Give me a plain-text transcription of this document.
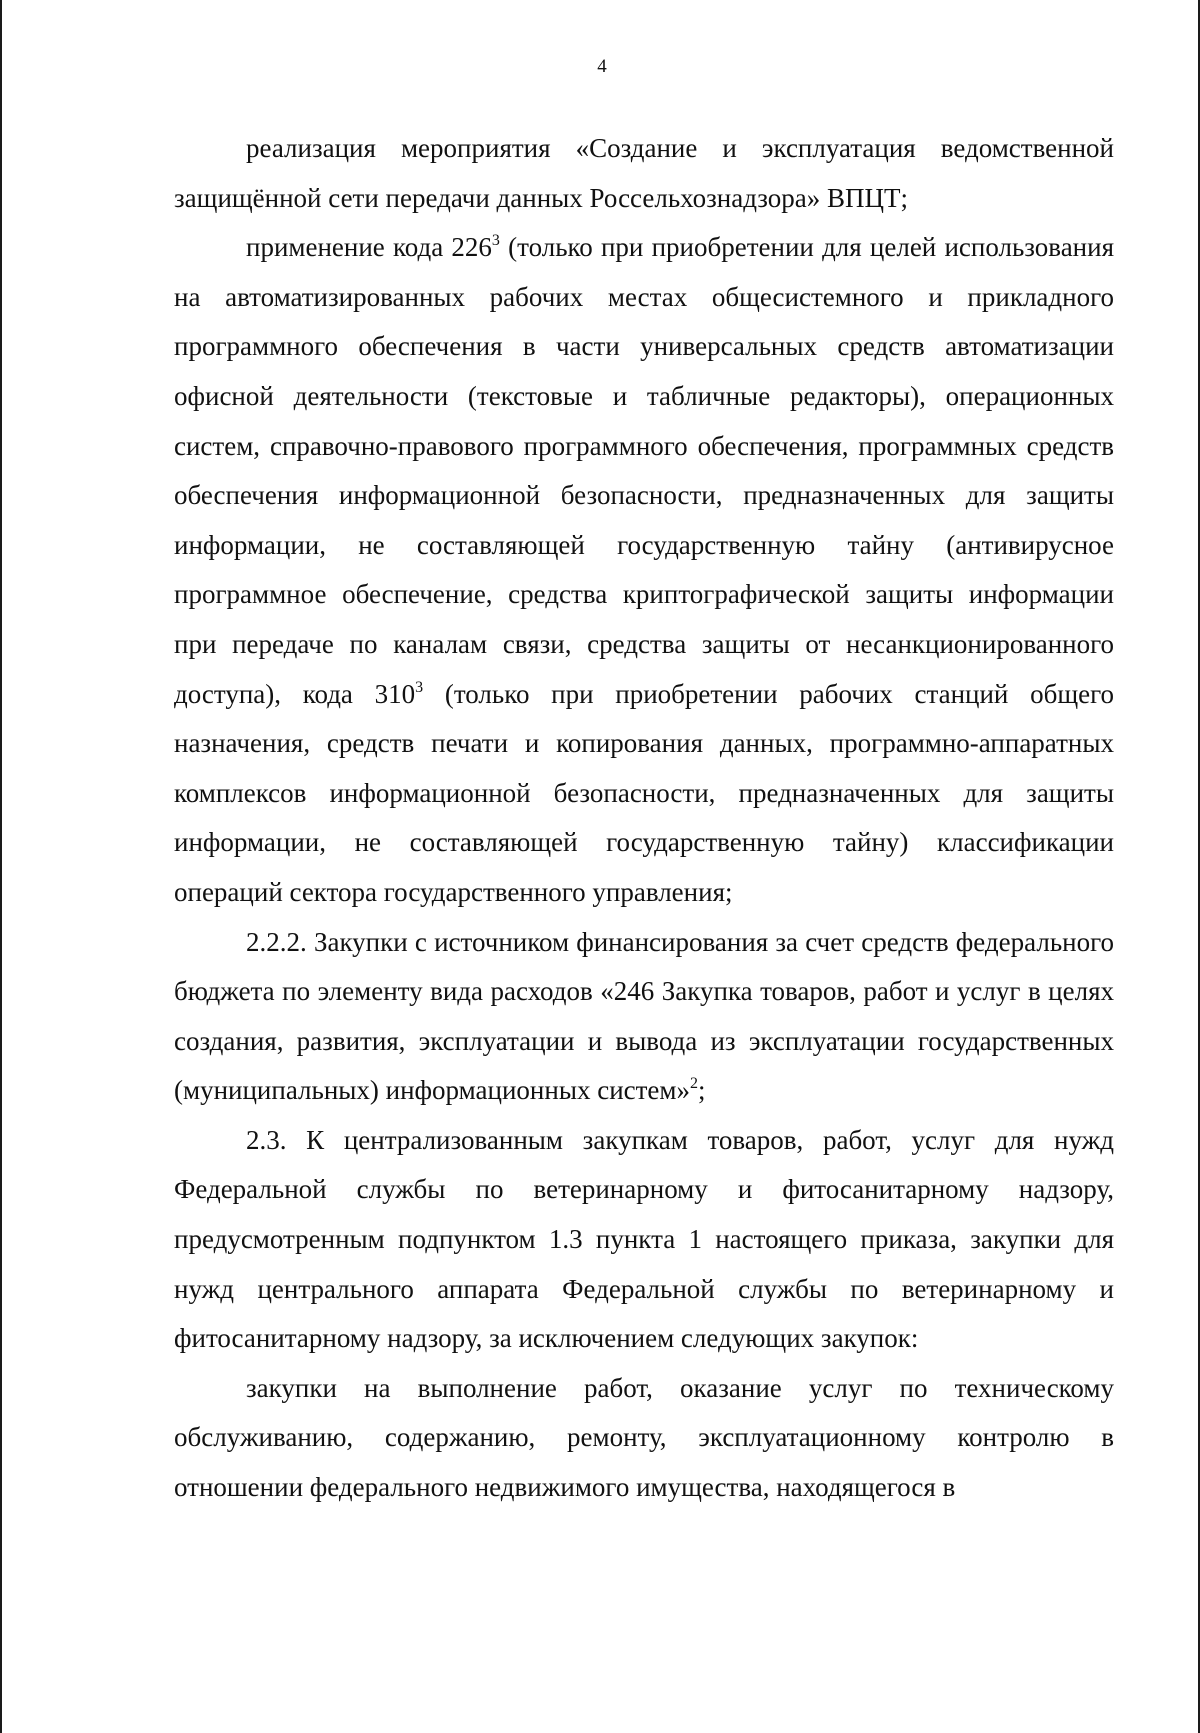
4

реализация мероприятия «Создание и эксплуатация ведомственной защищённой сети передачи данных Россельхознадзора» ВПЦТ;

применение кода $226^3$ (только при приобретении для целей использования на автоматизированных рабочих местах общесистемного и прикладного программного обеспечения в части универсальных средств автоматизации офисной деятельности (текстовые и табличные редакторы), операционных систем, справочно-правового программного обеспечения, программных средств обеспечения информационной безопасности, предназначенных для защиты информации, не составляющей государственную тайну (антивирусное программное обеспечение, средства криптографической защиты информации при передаче по каналам связи, средства защиты от несанкционированного доступа), кода $310^3$ (только при приобретении рабочих станций общего назначения, средств печати и копирования данных, программно-аппаратных комплексов информационной безопасности, предназначенных для защиты информации, не составляющей государственную тайну) классификации операций сектора государственного управления;

2.2.2. Закупки с источником финансирования за счет средств федерального бюджета по элементу вида расходов «246 Закупка товаров, работ и услуг в целях создания, развития, эксплуатации и вывода из эксплуатации государственных (муниципальных) информационных систем»$^2$;

2.3. К централизованным закупкам товаров, работ, услуг для нужд Федеральной службы по ветеринарному и фитосанитарному надзору, предусмотренным подпунктом 1.3 пункта 1 настоящего приказа, закупки для нужд центрального аппарата Федеральной службы по ветеринарному и фитосанитарному надзору, за исключением следующих закупок:

закупки на выполнение работ, оказание услуг по техническому обслуживанию, содержанию, ремонту, эксплуатационному контролю в отношении федерального недвижимого имущества, находящегося в
